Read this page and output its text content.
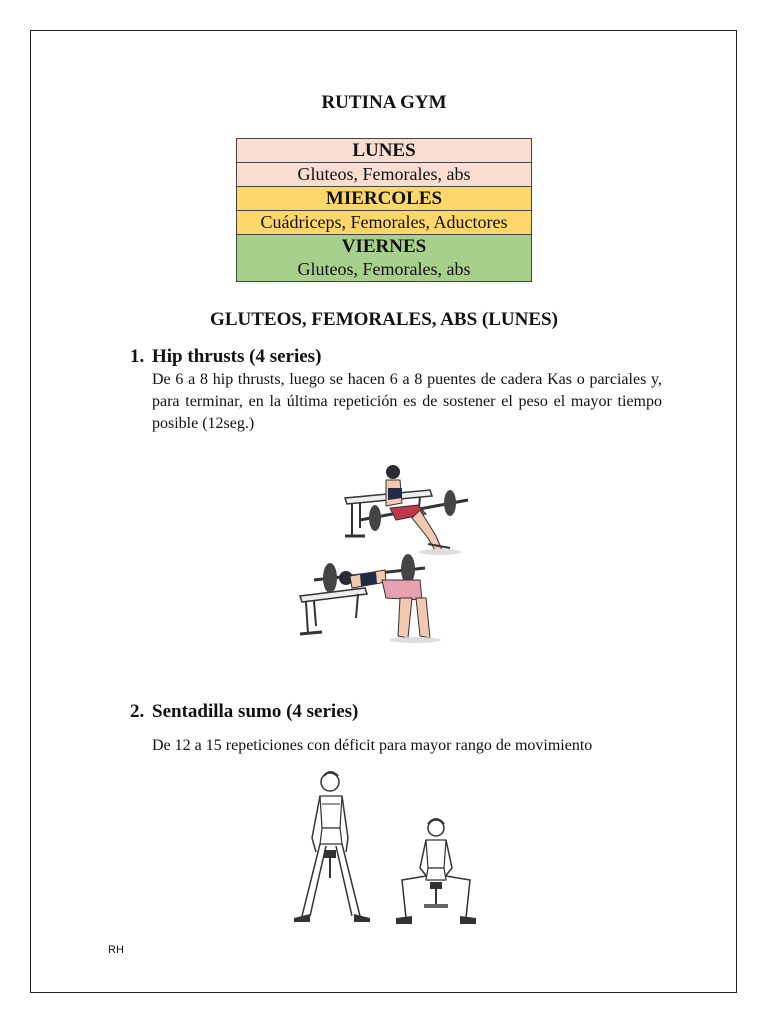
RUTINA GYM
LUNES
Gluteos, Femorales, abs
MIERCOLES
Cuádriceps, Femorales, Aductores
VIERNES
Gluteos, Femorales, abs
GLUTEOS, FEMORALES, ABS (LUNES)
1. Hip thrusts (4 series)
De 6 a 8 hip thrusts, luego se hacen 6 a 8 puentes de cadera Kas o parciales y, para terminar, en la última repetición es de sostener el peso el mayor tiempo posible (12seg.)
2. Sentadilla sumo (4 series)
De 12 a 15 repeticiones con déficit para mayor rango de movimiento
RH
